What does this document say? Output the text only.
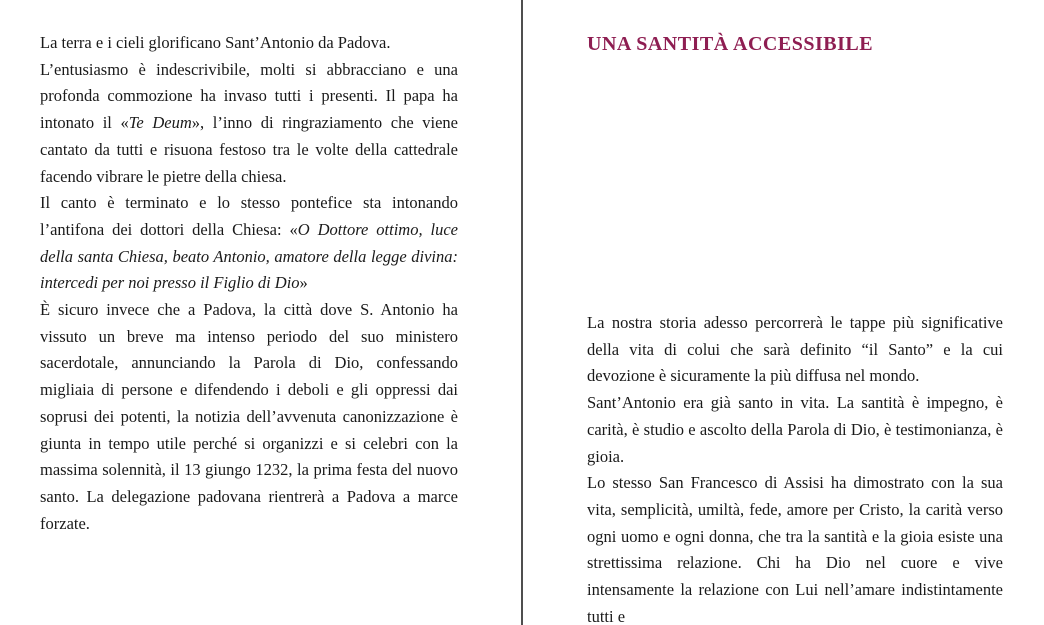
La terra e i cieli glorificano Sant’Antonio da Padova.

L’entusiasmo è indescrivibile, molti si abbracciano e una profonda commozione ha invaso tutti i presenti. Il papa ha intonato il «Te Deum», l’inno di ringraziamento che viene cantato da tutti e risuona festoso tra le volte della cattedrale facendo vibrare le pietre della chiesa.

Il canto è terminato e lo stesso pontefice sta intonando l’antifona dei dottori della Chiesa: «O Dottore ottimo, luce della santa Chiesa, beato Antonio, amatore della legge divina: intercedi per noi presso il Figlio di Dio»

È sicuro invece che a Padova, la città dove S. Antonio ha vissuto un breve ma intenso periodo del suo ministero sacerdotale, annunciando la Parola di Dio, confessando migliaia di persone e difendendo i deboli e gli oppressi dai soprusi dei potenti, la notizia dell’avvenuta canonizzazione è giunta in tempo utile perché si organizzi e si celebri con la massima solennità, il 13 giungo 1232, la prima festa del nuovo santo. La delegazione padovana rientrerà a Padova a marce forzate.

UNA SANTITÀ ACCESSIBILE

La nostra storia adesso percorrerà le tappe più significative della vita di colui che sarà definito “il Santo” e la cui devozione è sicuramente la più diffusa nel mondo.

Sant’Antonio era già santo in vita. La santità è impegno, è carità, è studio e ascolto della Parola di Dio, è testimonianza, è gioia.

Lo stesso San Francesco di Assisi ha dimostrato con la sua vita, semplicità, umiltà, fede, amore per Cristo, la carità verso ogni uomo e ogni donna, che tra la santità e la gioia esiste una strettissima relazione. Chi ha Dio nel cuore e vive intensamente la relazione con Lui nell’amare indistintamente tutti e
